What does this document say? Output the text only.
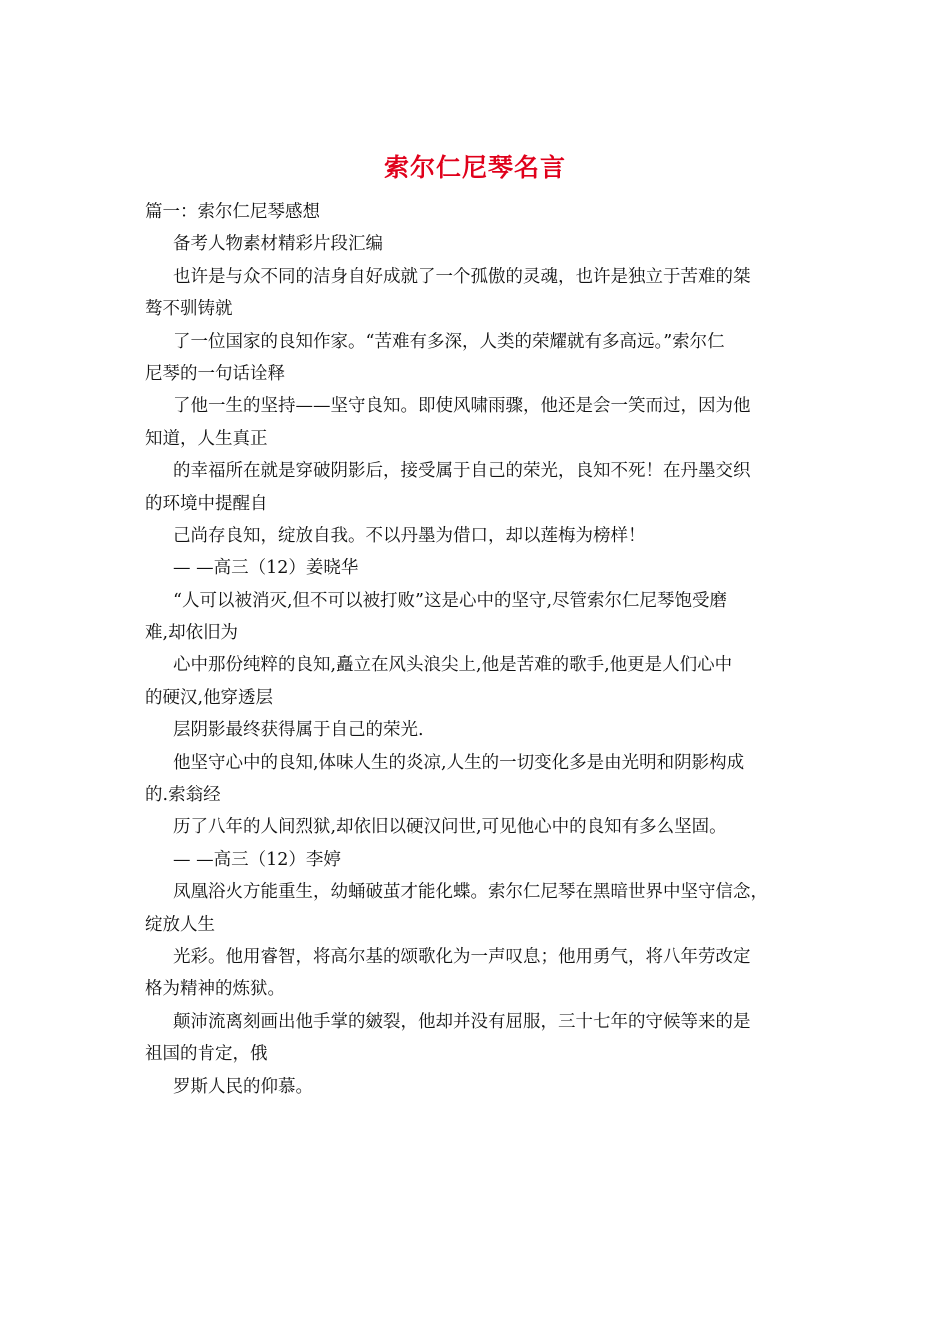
索尔仁尼琴名言
篇一：索尔仁尼琴感想
备考人物素材精彩片段汇编
也许是与众不同的洁身自好成就了一个孤傲的灵魂，也许是独立于苦难的桀
骜不驯铸就
了一位国家的良知作家。“苦难有多深，人类的荣耀就有多高远。”索尔仁
尼琴的一句话诠释
了他一生的坚持——坚守良知。即使风啸雨骤，他还是会一笑而过，因为他
知道，人生真正
的幸福所在就是穿破阴影后，接受属于自己的荣光，良知不死！在丹墨交织
的环境中提醒自
己尚存良知，绽放自我。不以丹墨为借口，却以莲梅为榜样！
— —高三（12）姜晓华
“人可以被消灭,但不可以被打败”这是心中的坚守,尽管索尔仁尼琴饱受磨
难,却依旧为
心中那份纯粹的良知,矗立在风头浪尖上,他是苦难的歌手,他更是人们心中
的硬汉,他穿透层
层阴影最终获得属于自己的荣光.
他坚守心中的良知,体味人生的炎凉,人生的一切变化多是由光明和阴影构成
的.索翁经
历了八年的人间烈狱,却依旧以硬汉问世,可见他心中的良知有多么坚固。
— —高三（12）李婷
凤凰浴火方能重生，幼蛹破茧才能化蝶。索尔仁尼琴在黑暗世界中坚守信念，
绽放人生
光彩。他用睿智，将高尔基的颂歌化为一声叹息；他用勇气，将八年劳改定
格为精神的炼狱。
颠沛流离刻画出他手掌的皴裂，他却并没有屈服，三十七年的守候等来的是
祖国的肯定，俄
罗斯人民的仰慕。
